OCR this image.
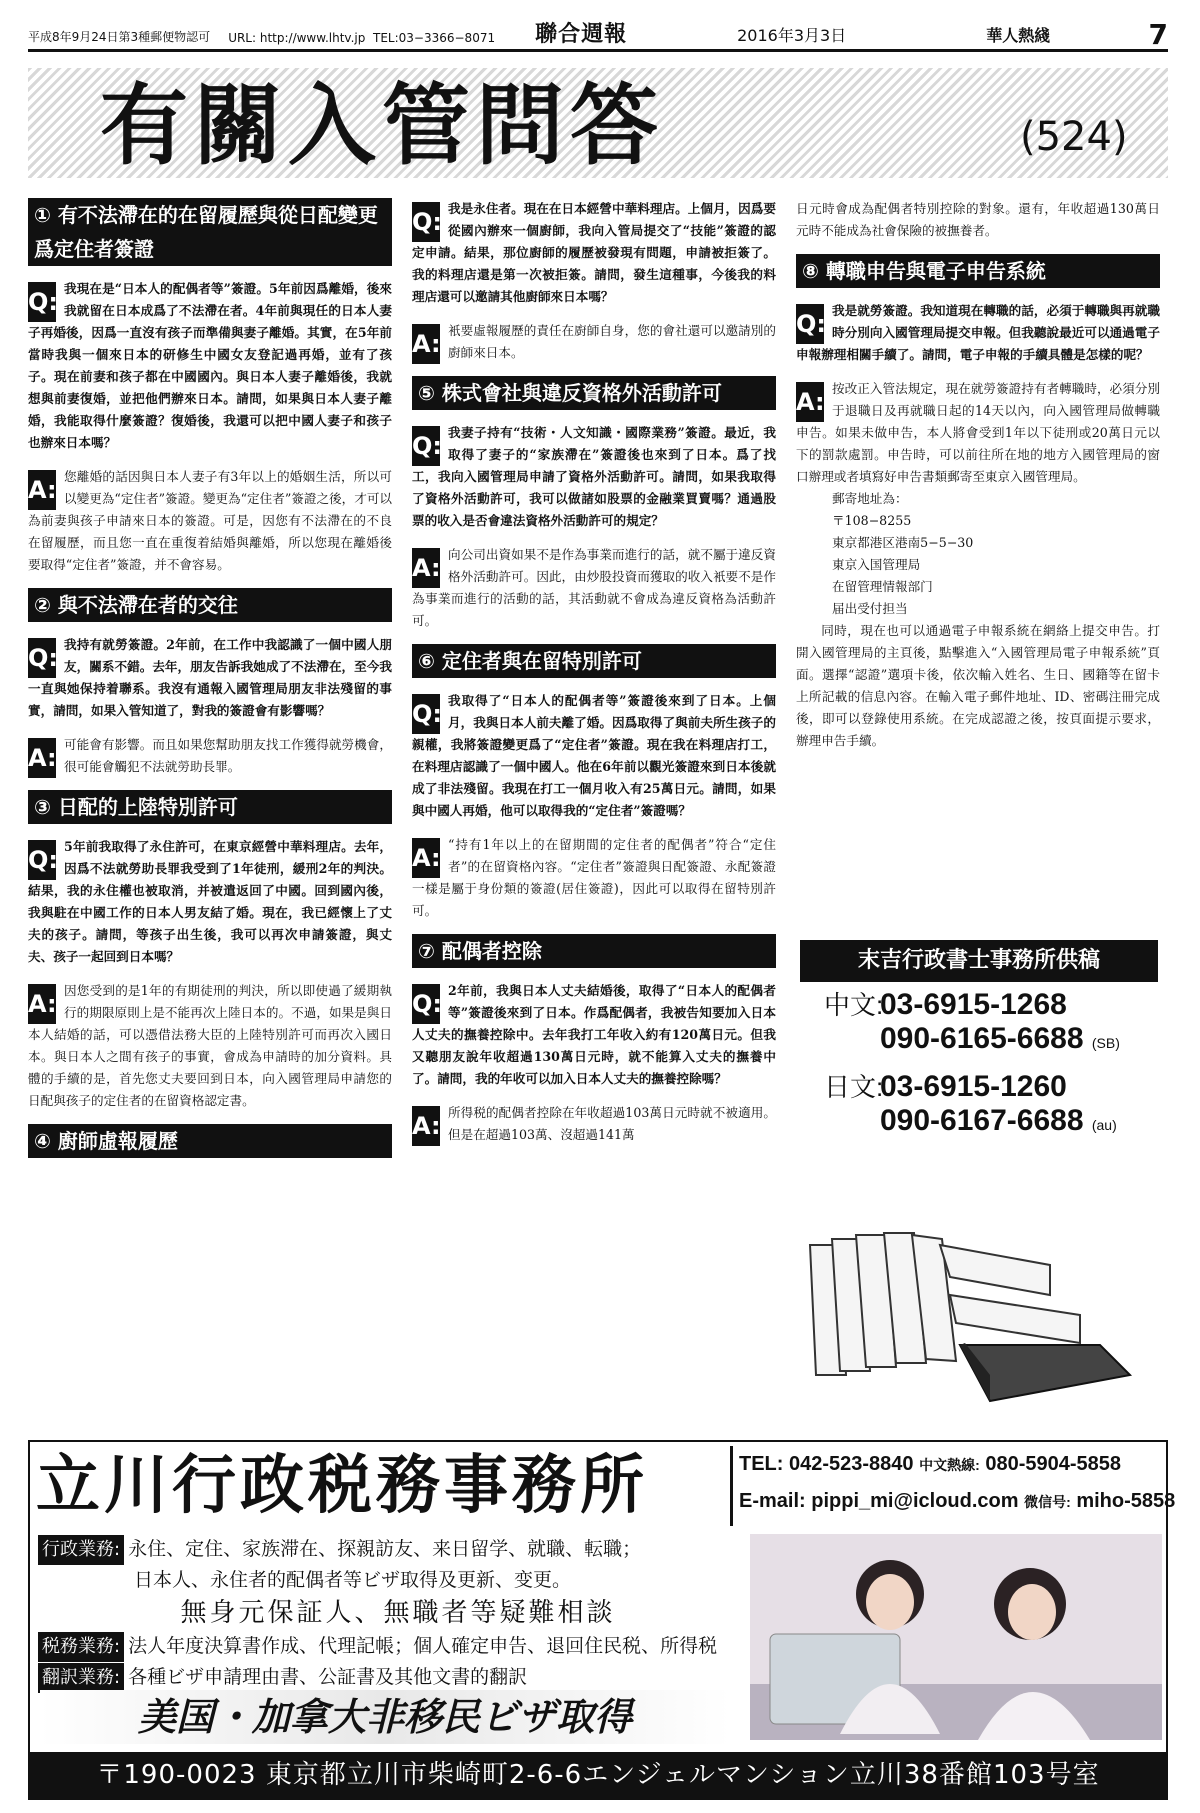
平成8年9月24日第3種郵便物認可 URL: http://www.lhtv.jp TEL:03−3366−8071 聯合週報	2016年3月3日	華人熱綫	7
有關入管問答	(524)
① 有不法滯在的在留履歷與從日配變更爲定住者簽證
Q: 我現在是“日本人的配偶者等”簽證。5年前因爲離婚，後來我就留在日本成爲了不法滯在者。4年前與現任的日本人妻子再婚後，因爲一直沒有孩子而準備與妻子離婚。其實，在5年前當時我與一個來日本的研修生中國女友登記過再婚，並有了孩子。現在前妻和孩子都在中國國內。與日本人妻子離婚後，我就想與前妻復婚，並把他們辦來日本。請問，如果與日本人妻子離婚，我能取得什麼簽證？復婚後，我還可以把中國人妻子和孩子也辦來日本嗎？
A: 您離婚的話因與日本人妻子有3年以上的婚姻生活，所以可以變更為“定住者”簽證。變更為“定住者”簽證之後，才可以為前妻與孩子申請來日本的簽證。可是，因您有不法滯在的不良在留履歷，而且您一直在重復着結婚與離婚，所以您現在離婚後要取得“定住者”簽證，并不會容易。
② 與不法滯在者的交往
Q: 我持有就勞簽證。2年前，在工作中我認識了一個中國人朋友，關系不錯。去年，朋友告訴我她成了不法滯在，至今我一直與她保持着聯系。我沒有通報入國管理局朋友非法殘留的事實，請問，如果入管知道了，對我的簽證會有影響嗎？
A: 可能會有影響。而且如果您幫助朋友找工作獲得就勞機會，很可能會觸犯不法就勞助長罪。
③ 日配的上陸特別許可
Q: 5年前我取得了永住許可，在東京經營中華料理店。去年，因爲不法就勞助長罪我受到了1年徒刑，緩刑2年的判決。結果，我的永住權也被取消，并被遣返回了中國。回到國內後，我與駐在中國工作的日本人男友結了婚。現在，我已經懷上了丈夫的孩子。請問，等孩子出生後，我可以再次申請簽證，與丈夫、孩子一起回到日本嗎？
A: 因您受到的是1年的有期徒刑的判決，所以即使過了緩期執行的期限原則上是不能再次上陸日本的。不過，如果是與日本人結婚的話，可以憑借法務大臣的上陸特別許可而再次入國日本。與日本人之間有孩子的事實，會成為申請時的加分資料。具體的手續的是，首先您丈夫要回到日本，向入國管理局申請您的日配與孩子的定住者的在留資格認定書。
④ 廚師虛報履歷
Q: 我是永住者。現在在日本經營中華料理店。上個月，因爲要從國內辦來一個廚師，我向入管局提交了“技能”簽證的認定申請。結果，那位廚師的履歷被發現有問題，申請被拒簽了。我的料理店還是第一次被拒簽。請問，發生這種事，今後我的料理店還可以邀請其他廚師來日本嗎？
A: 衹要虛報履歷的責任在廚師自身，您的會社還可以邀請別的廚師來日本。
⑤ 株式會社與違反資格外活動許可
Q: 我妻子持有“技術・人文知識・國際業務”簽證。最近，我取得了妻子的“家族滯在”簽證後也來到了日本。爲了找工，我向入國管理局申請了資格外活動許可。請問，如果我取得了資格外活動許可，我可以做諸如股票的金融業買賣嗎？通過股票的收入是否會違法資格外活動許可的規定？
A: 向公司出資如果不是作為事業而進行的話，就不屬于違反資格外活動許可。因此，由炒股投資而獲取的收入衹要不是作為事業而進行的活動的話，其活動就不會成為違反資格為活動許可。
⑥ 定住者與在留特別許可
Q: 我取得了“日本人的配偶者等”簽證後來到了日本。上個月，我與日本人前夫離了婚。因爲取得了與前夫所生孩子的親權，我將簽證變更爲了“定住者”簽證。現在我在料理店打工，在料理店認識了一個中國人。他在6年前以觀光簽證來到日本後就成了非法殘留。我現在打工一個月收入有25萬日元。請問，如果與中國人再婚，他可以取得我的“定住者”簽證嗎？
A: “持有1年以上的在留期間的定住者的配偶者”符合“定住者”的在留資格內容。“定住者”簽證與日配簽證、永配簽證一樣是屬于身份類的簽證(居住簽證)，因此可以取得在留特別許可。
⑦ 配偶者控除
Q: 2年前，我與日本人丈夫結婚後，取得了“日本人的配偶者等”簽證後來到了日本。作爲配偶者，我被告知要加入日本人丈夫的撫養控除中。去年我打工年收入約有120萬日元。但我又聽朋友說年收超過130萬日元時，就不能算入丈夫的撫養中了。請問，我的年收可以加入日本人丈夫的撫養控除嗎？
A: 所得税的配偶者控除在年收超過103萬日元時就不被適用。但是在超過103萬、沒超過141萬
日元時會成為配偶者特別控除的對象。還有，年收超過130萬日元時不能成為社會保險的被撫養者。
⑧ 轉職申告與電子申告系統
Q: 我是就勞簽證。我知道現在轉職的話，必須于轉職與再就職時分別向入國管理局提交申報。但我聽說最近可以通過電子申報辦理相關手續了。請問，電子申報的手續具體是怎樣的呢？
A: 按改正入管法規定，現在就勞簽證持有者轉職時，必須分別于退職日及再就職日起的14天以內，向入國管理局做轉職申告。如果未做申告，本人將會受到1年以下徒刑或20萬日元以下的罰款處罰。申告時，可以前往所在地的地方入國管理局的窗口辦理或者填寫好申告書類郵寄至東京入國管理局。
郵寄地址為：
〒108−8255
東京都港区港南5−5−30
東京入国管理局
在留管理情報部门
届出受付担当
同時，現在也可以通過電子申報系統在網絡上提交申告。打開入國管理局的主頁後，點擊進入“入國管理局電子申報系統”頁面。選擇“認證”選項卡後，依次輸入姓名、生日、國籍等在留卡上所記載的信息內容。在輸入電子郵件地址、ID、密碼注冊完成後，即可以登錄使用系統。在完成認證之後，按頁面提示要求，辦理申告手續。
末吉行政書士事務所供稿
中文:03-6915-1268
090-6165-6688 (SB)
日文:03-6915-1260
090-6167-6688 (au)
立川行政税務事務所	TEL: 042-523-8840 中文熱線: 080-5904-5858
E-mail: pippi_mi@icloud.com 微信号: miho-5858
行政業務: 永住、定住、家族滞在、探親訪友、来日留学、就職、転職；
日本人、永住者的配偶者等ビザ取得及更新、变更。
無身元保証人、無職者等疑難相談
税務業務: 法人年度決算書作成、代理記帳；個人確定申告、退回住民税、所得税
翻訳業務: 各種ビザ申請理由書、公証書及其他文書的翻訳
美国・加拿大非移民ビザ取得
〒190-0023 東京都立川市柴崎町2-6-6エンジェルマンション立川38番館103号室
